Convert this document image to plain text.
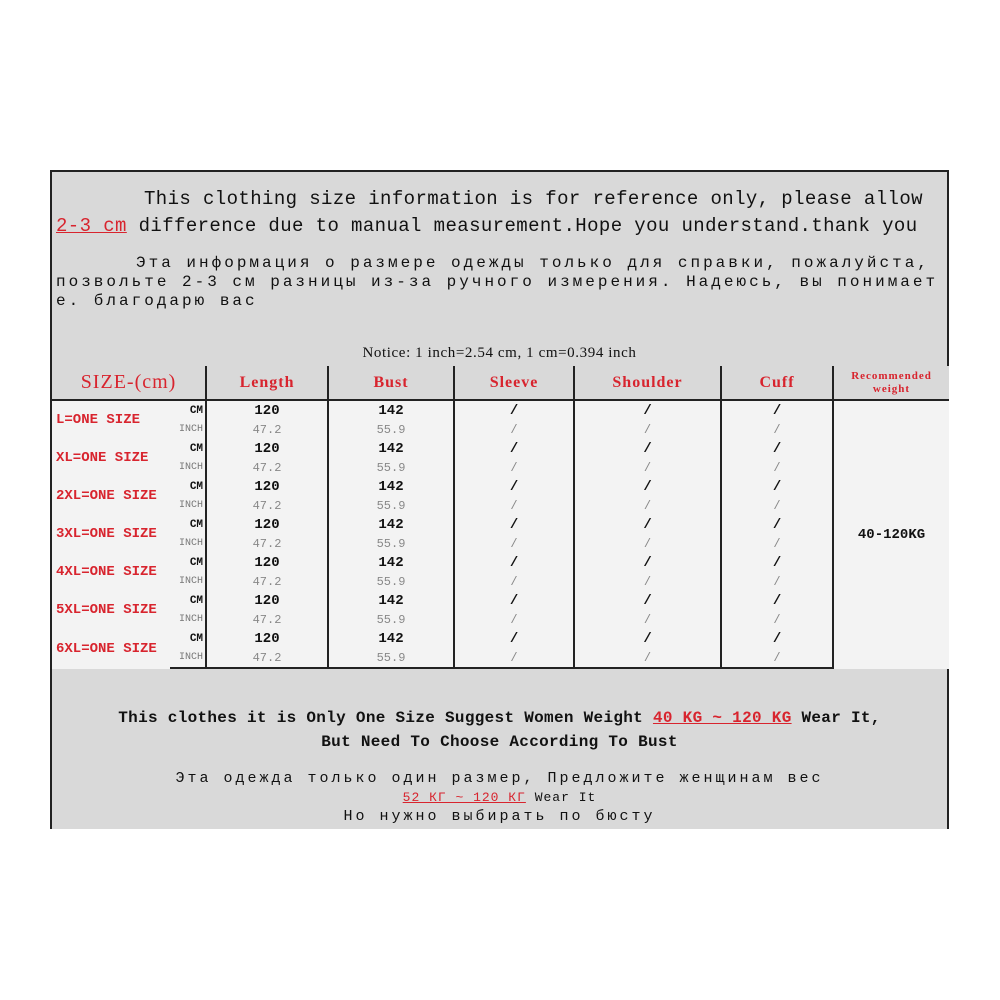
This clothing size information is for reference only, please allow 2-3 cm difference due to manual measurement.Hope you understand.thank you
Эта информация о размере одежды только для справки, пожалуйста, позвольте 2-3 см разницы из-за ручного измерения. Надеюсь, вы понимаете. благодарю вас
Notice: 1 inch=2.54 cm, 1 cm=0.394 inch
SIZE-(cm)		Length	Bust	Sleeve	Shoulder	Cuff	Recommended weight
L=ONE SIZE	CM	120	142	/	/	/	40-120KG
	INCH	47.2	55.9	/	/	/	
XL=ONE SIZE	CM	120	142	/	/	/	
	INCH	47.2	55.9	/	/	/	
2XL=ONE SIZE	CM	120	142	/	/	/	
	INCH	47.2	55.9	/	/	/	
3XL=ONE SIZE	CM	120	142	/	/	/	
	INCH	47.2	55.9	/	/	/	
4XL=ONE SIZE	CM	120	142	/	/	/	
	INCH	47.2	55.9	/	/	/	
5XL=ONE SIZE	CM	120	142	/	/	/	
	INCH	47.2	55.9	/	/	/	
6XL=ONE SIZE	CM	120	142	/	/	/	
	INCH	47.2	55.9	/	/	/	
This clothes it is Only One Size Suggest Women Weight 40 KG ~ 120 KG Wear It,
But Need To Choose According To Bust
Эта одежда только один размер, Предложите женщинам вес
52 КГ ~ 120 КГ Wear It
Но нужно выбирать по бюсту
